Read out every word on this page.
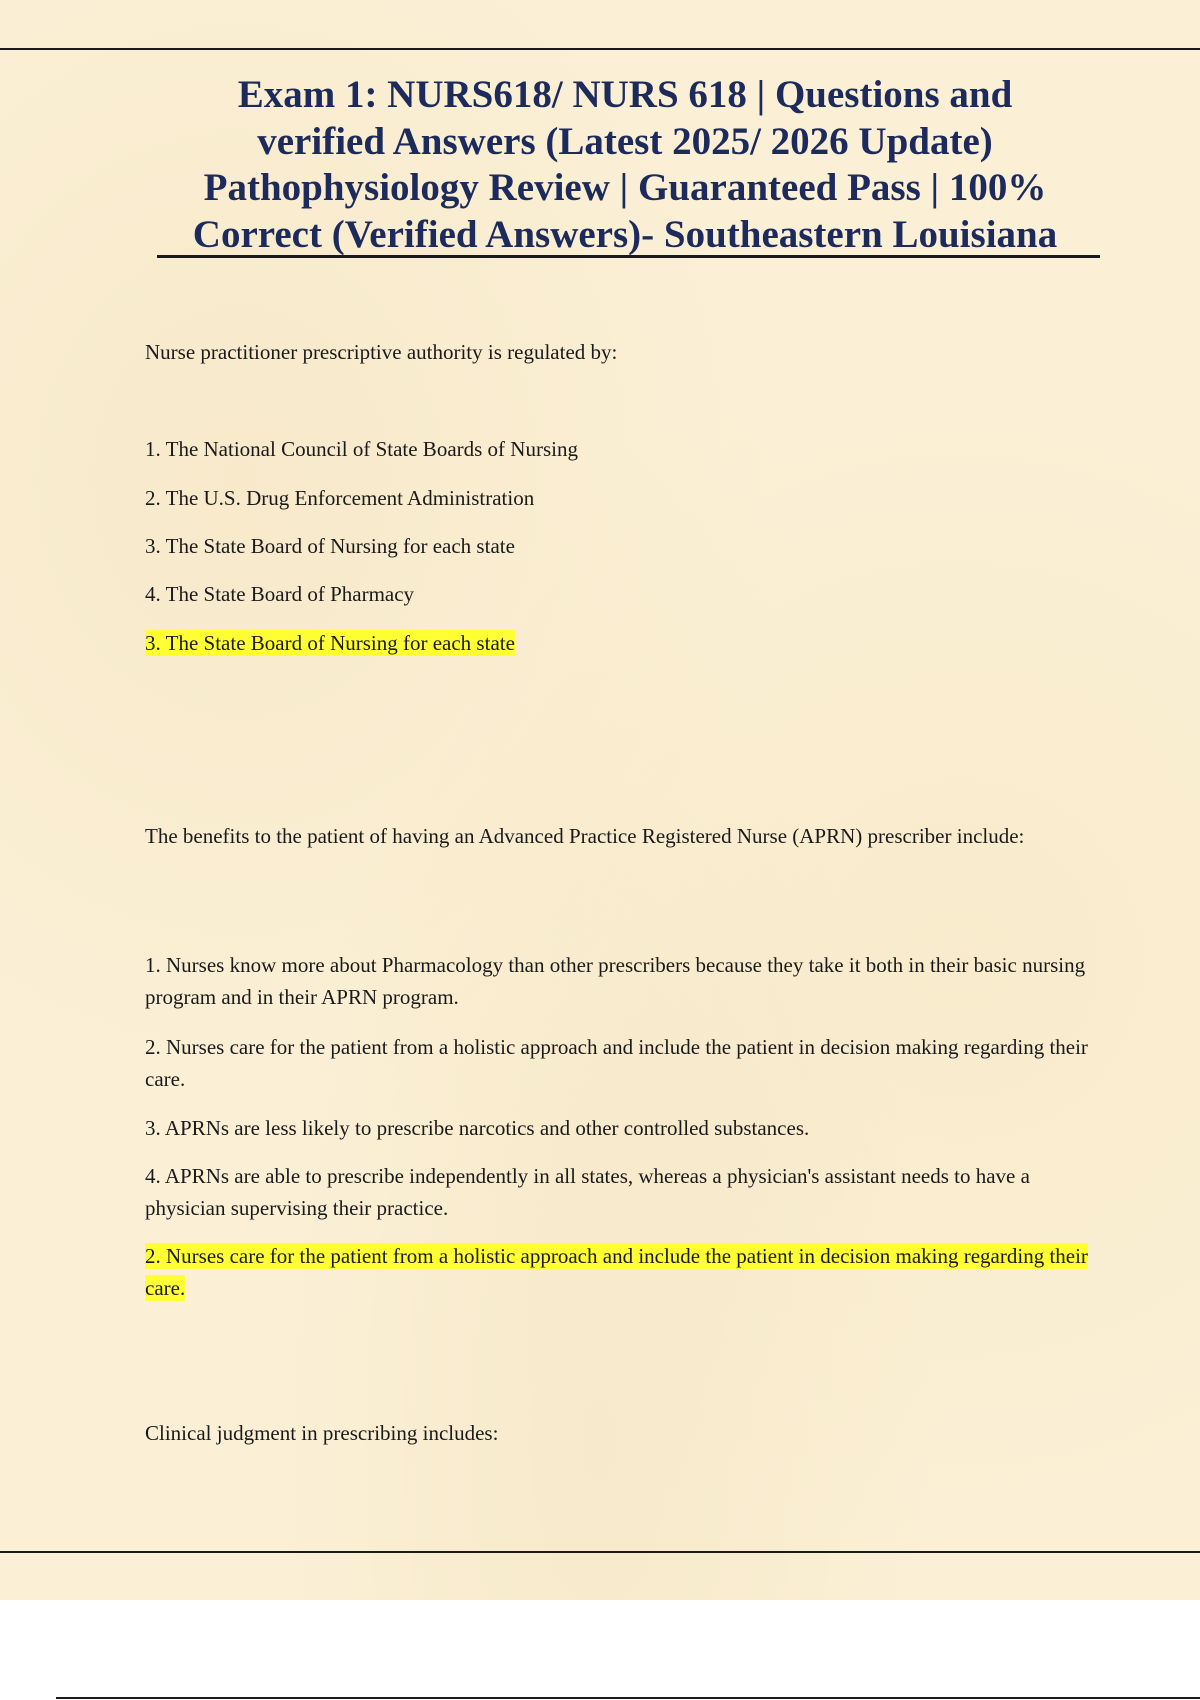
Exam 1: NURS618/ NURS 618 | Questions and
verified Answers (Latest 2025/ 2026 Update)
Pathophysiology Review | Guaranteed Pass | 100%
Correct (Verified Answers)- Southeastern Louisiana

Nurse practitioner prescriptive authority is regulated by:

1. The National Council of State Boards of Nursing
2. The U.S. Drug Enforcement Administration
3. The State Board of Nursing for each state
4. The State Board of Pharmacy
3. The State Board of Nursing for each state

The benefits to the patient of having an Advanced Practice Registered Nurse (APRN) prescriber include:

1. Nurses know more about Pharmacology than other prescribers because they take it both in their basic nursing program and in their APRN program.
2. Nurses care for the patient from a holistic approach and include the patient in decision making regarding their care.
3. APRNs are less likely to prescribe narcotics and other controlled substances.
4. APRNs are able to prescribe independently in all states, whereas a physician's assistant needs to have a physician supervising their practice.
2. Nurses care for the patient from a holistic approach and include the patient in decision making regarding their care.

Clinical judgment in prescribing includes:
